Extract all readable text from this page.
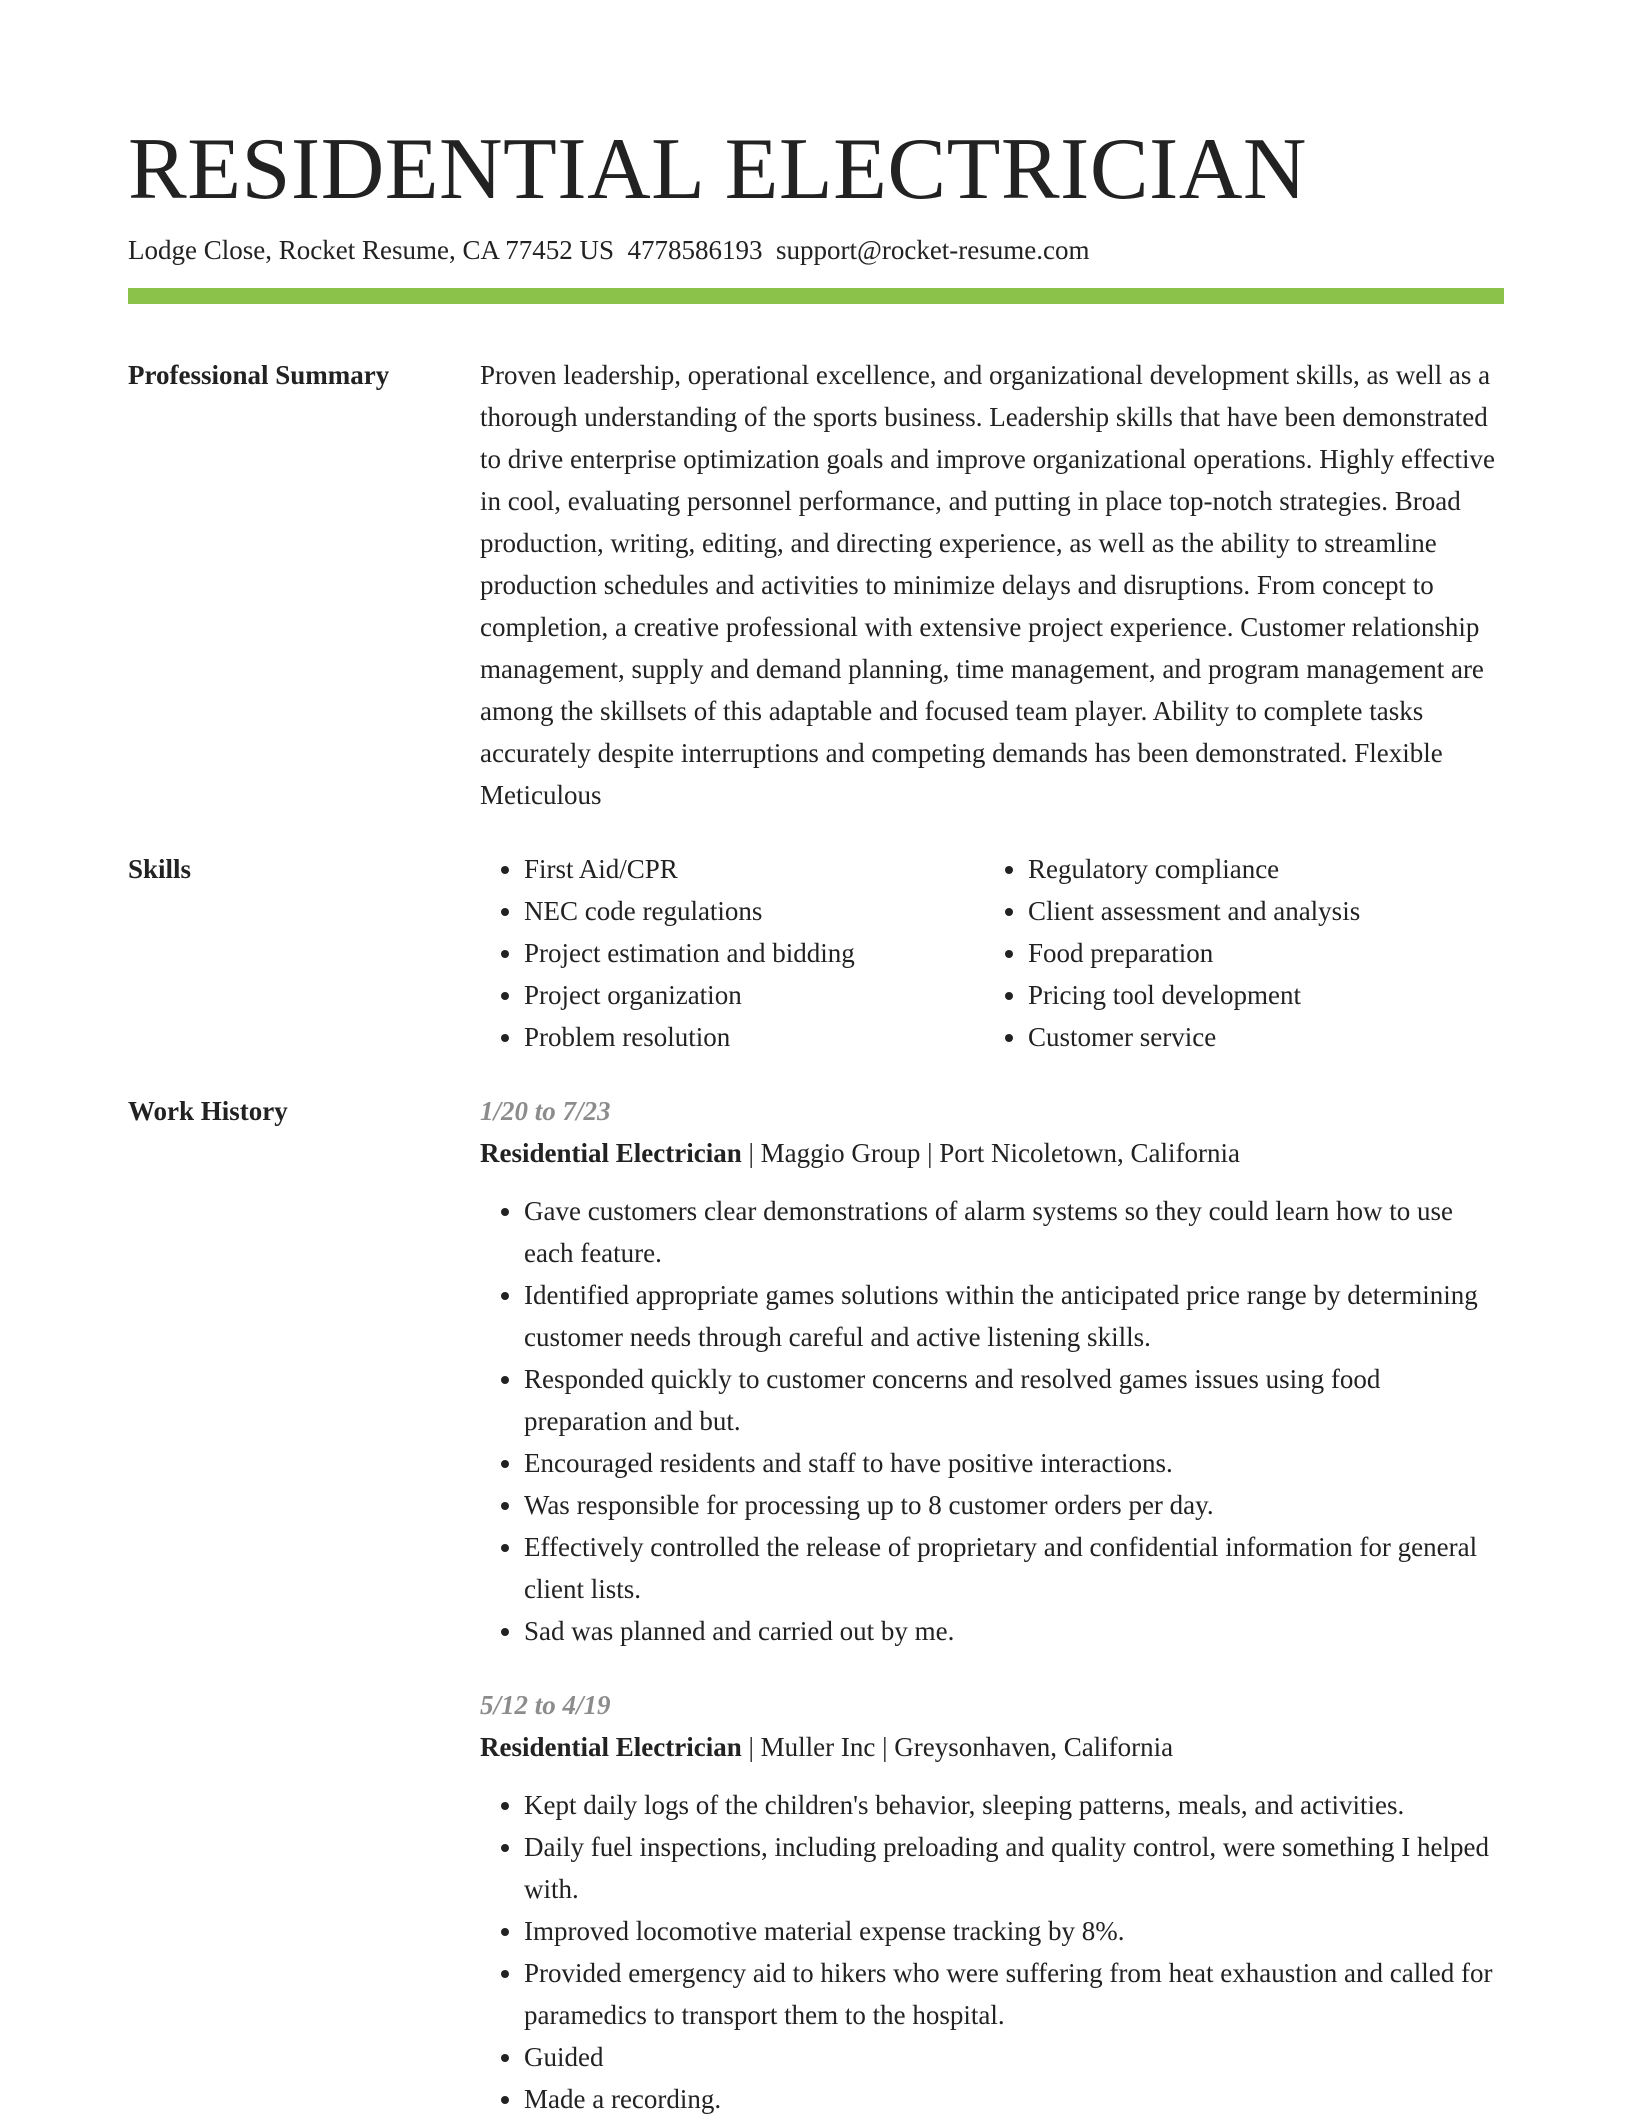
RESIDENTIAL ELECTRICIAN
Lodge Close, Rocket Resume, CA 77452 US 4778586193 support@rocket-resume.com
Professional Summary	Proven leadership, operational excellence, and organizational development skills, as well as a thorough understanding of the sports business. Leadership skills that have been demonstrated to drive enterprise optimization goals and improve organizational operations. Highly effective in cool, evaluating personnel performance, and putting in place top-notch strategies. Broad production, writing, editing, and directing experience, as well as the ability to streamline production schedules and activities to minimize delays and disruptions. From concept to completion, a creative professional with extensive project experience. Customer relationship management, supply and demand planning, time management, and program management are among the skillsets of this adaptable and focused team player. Ability to complete tasks accurately despite interruptions and competing demands has been demonstrated. Flexible Meticulous

Skills
•	First Aid/CPR
• NEC code regulations
• Project estimation and bidding
• Project organization
• Problem resolution
• Regulatory compliance
• Client assessment and analysis
• Food preparation
• Pricing tool development
• Customer service
Work History	1/20 to 7/23
Residential Electrician | Maggio Group | Port Nicoletown, California
• Gave customers clear demonstrations of alarm systems so they could learn how to use each feature.
• Identified appropriate games solutions within the anticipated price range by determining customer needs through careful and active listening skills.
• Responded quickly to customer concerns and resolved games issues using food preparation and but.
• Encouraged residents and staff to have positive interactions.
• Was responsible for processing up to 8 customer orders per day.
• Effectively controlled the release of proprietary and confidential information for general client lists.
• Sad was planned and carried out by me.
5/12 to 4/19
Residential Electrician | Muller Inc | Greysonhaven, California
• Kept daily logs of the children's behavior, sleeping patterns, meals, and activities.
• Daily fuel inspections, including preloading and quality control, were something I helped with.
• Improved locomotive material expense tracking by 8%.
• Provided emergency aid to hikers who were suffering from heat exhaustion and called for paramedics to transport them to the hospital.
• Guided
• Made a recording.
